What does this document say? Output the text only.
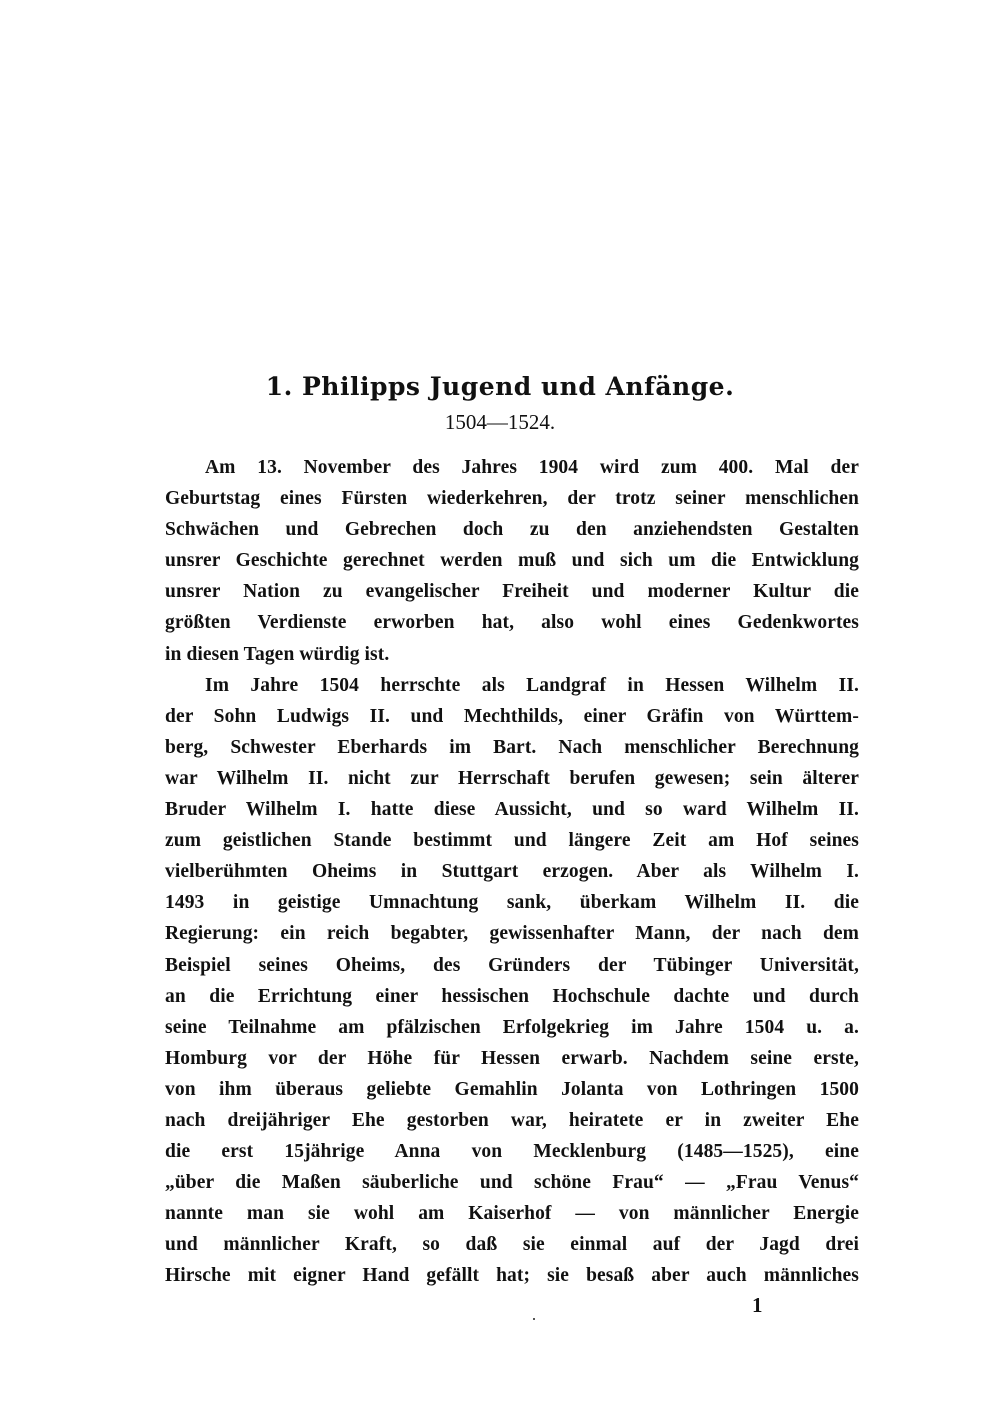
1. Philipps Jugend und Anfänge.
1504—1524.
Am 13. November des Jahres 1904 wird zum 400. Mal der
Geburtstag eines Fürsten wiederkehren, der trotz seiner menschlichen
Schwächen und Gebrechen doch zu den anziehendsten Gestalten
unsrer Geschichte gerechnet werden muß und sich um die Entwicklung
unsrer Nation zu evangelischer Freiheit und moderner Kultur die
größten Verdienste erworben hat, also wohl eines Gedenkwortes
in diesen Tagen würdig ist.
Im Jahre 1504 herrschte als Landgraf in Hessen Wilhelm II.
der Sohn Ludwigs II. und Mechthilds, einer Gräfin von Württem-
berg, Schwester Eberhards im Bart. Nach menschlicher Berechnung
war Wilhelm II. nicht zur Herrschaft berufen gewesen; sein älterer
Bruder Wilhelm I. hatte diese Aussicht, und so ward Wilhelm II.
zum geistlichen Stande bestimmt und längere Zeit am Hof seines
vielberühmten Oheims in Stuttgart erzogen. Aber als Wilhelm I.
1493 in geistige Umnachtung sank, überkam Wilhelm II. die
Regierung: ein reich begabter, gewissenhafter Mann, der nach dem
Beispiel seines Oheims, des Gründers der Tübinger Universität,
an die Errichtung einer hessischen Hochschule dachte und durch
seine Teilnahme am pfälzischen Erfolgekrieg im Jahre 1504 u. a.
Homburg vor der Höhe für Hessen erwarb. Nachdem seine erste,
von ihm überaus geliebte Gemahlin Jolanta von Lothringen 1500
nach dreijähriger Ehe gestorben war, heiratete er in zweiter Ehe
die erst 15jährige Anna von Mecklenburg (1485—1525), eine
„über die Maßen säuberliche und schöne Frau“ — „Frau Venus“
nannte man sie wohl am Kaiserhof — von männlicher Energie
und männlicher Kraft, so daß sie einmal auf der Jagd drei
Hirsche mit eigner Hand gefällt hat; sie besaß aber auch männliches
1
